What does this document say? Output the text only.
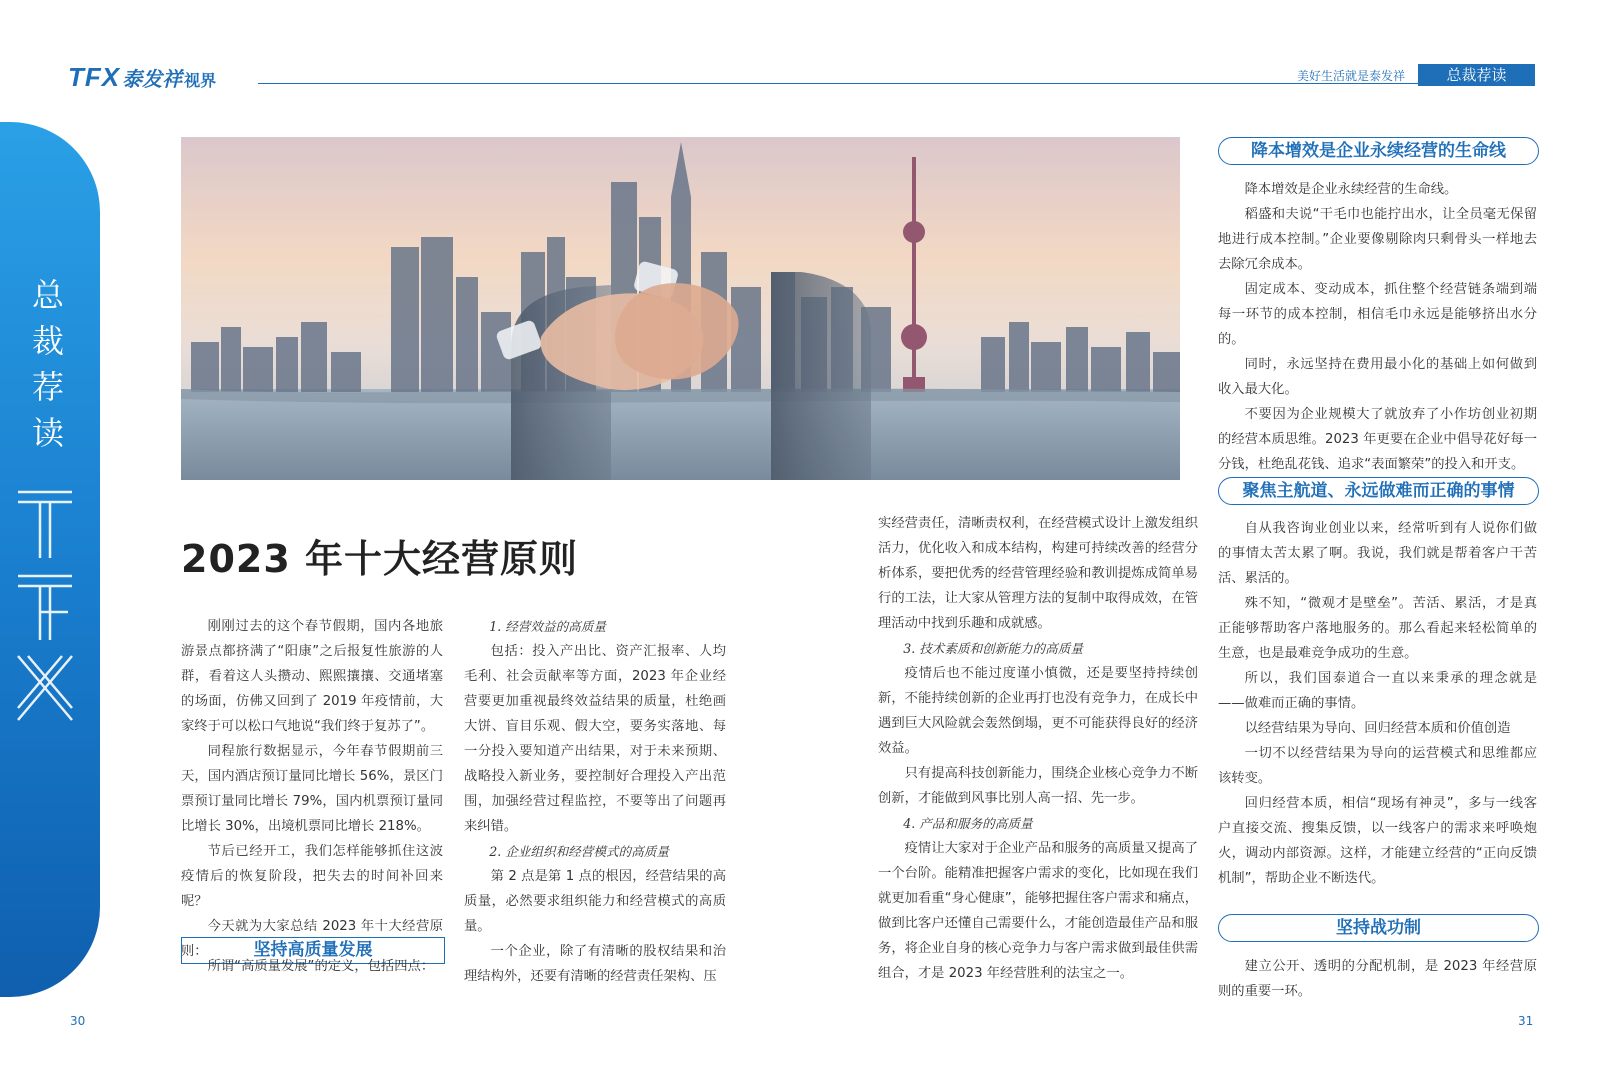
TFX 泰发祥 视界	美好生活就是泰发祥	总裁荐读
总裁荐读
2023 年十大经营原则

刚刚过去的这个春节假期，国内各地旅游景点都挤满了“阳康”之后报复性旅游的人群，看着这人头攒动、熙熙攘攘、交通堵塞的场面，仿佛又回到了 2019 年疫情前，大家终于可以松口气地说“我们终于复苏了”。

同程旅行数据显示，今年春节假期前三天，国内酒店预订量同比增长 56%，景区门票预订量同比增长 79%，国内机票预订量同比增长 30%，出境机票同比增长 218%。

节后已经开工，我们怎样能够抓住这波疫情后的恢复阶段，把失去的时间补回来呢？

今天就为大家总结 2023 年十大经营原则：	坚持高质量发展

所谓“高质量发展”的定义，包括四点：

1. 经营效益的高质量

包括：投入产出比、资产汇报率、人均毛利、社会贡献率等方面，2023 年企业经营要更加重视最终效益结果的质量，杜绝画大饼、盲目乐观、假大空，要务实落地、每一分投入要知道产出结果，对于未来预期、战略投入新业务，要控制好合理投入产出范围，加强经营过程监控，不要等出了问题再来纠错。

2. 企业组织和经营模式的高质量

第 2 点是第 1 点的根因，经营结果的高质量，必然要求组织能力和经营模式的高质量。

一个企业，除了有清晰的股权结果和治理结构外，还要有清晰的经营责任架构、压

实经营责任，清晰责权利，在经营模式设计上激发组织活力，优化收入和成本结构，构建可持续改善的经营分析体系，要把优秀的经营管理经验和教训提炼成简单易行的工法，让大家从管理方法的复制中取得成效，在管理活动中找到乐趣和成就感。

3. 技术素质和创新能力的高质量

疫情后也不能过度谨小慎微，还是要坚持持续创新，不能持续创新的企业再打也没有竞争力，在成长中遇到巨大风险就会轰然倒塌，更不可能获得良好的经济效益。

只有提高科技创新能力，围绕企业核心竞争力不断创新，才能做到风事比别人高一招、先一步。

4. 产品和服务的高质量

疫情让大家对于企业产品和服务的高质量又提高了一个台阶。能精准把握客户需求的变化，比如现在我们就更加看重“身心健康”，能够把握住客户需求和痛点，做到比客户还懂自己需要什么，才能创造最佳产品和服务，将企业自身的核心竞争力与客户需求做到最佳供需组合，才是 2023 年经营胜利的法宝之一。

降本增效是企业永续经营的生命线

降本增效是企业永续经营的生命线。

稻盛和夫说“干毛巾也能拧出水，让全员毫无保留地进行成本控制。”企业要像剔除肉只剩骨头一样地去去除冗余成本。

固定成本、变动成本，抓住整个经营链条端到端每一环节的成本控制，相信毛巾永远是能够挤出水分的。

同时，永远坚持在费用最小化的基础上如何做到收入最大化。

不要因为企业规模大了就放弃了小作坊创业初期的经营本质思维。2023 年更要在企业中倡导花好每一分钱，杜绝乱花钱、追求“表面繁荣”的投入和开支。

聚焦主航道、永远做难而正确的事情

自从我咨询业创业以来，经常听到有人说你们做的事情太苦太累了啊。我说，我们就是帮着客户干苦活、累活的。

殊不知，“微观才是壁垒”。苦活、累活，才是真正能够帮助客户落地服务的。那么看起来轻松简单的生意，也是最难竞争成功的生意。

所以，我们国泰道合一直以来秉承的理念就是——做难而正确的事情。

以经营结果为导向、回归经营本质和价值创造

一切不以经营结果为导向的运营模式和思维都应该转变。

回归经营本质，相信“现场有神灵”，多与一线客户直接交流、搜集反馈，以一线客户的需求来呼唤炮火，调动内部资源。这样，才能建立经营的“正向反馈机制”，帮助企业不断迭代。

坚持战功制

建立公开、透明的分配机制，是 2023 年经营原则的重要一环。

30	31
